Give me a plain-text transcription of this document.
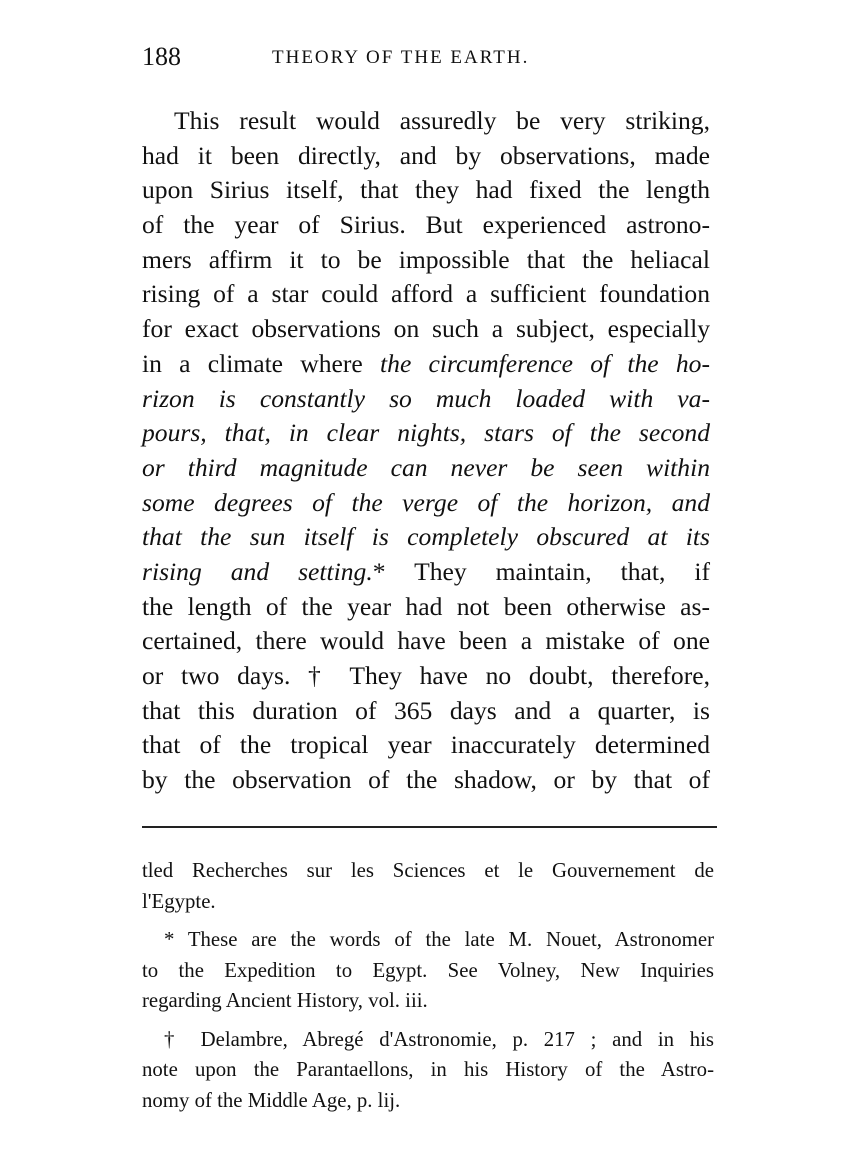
188	THEORY OF THE EARTH.
This result would assuredly be very striking,
had it been directly, and by observations, made
upon Sirius itself, that they had fixed the length
of the year of Sirius. But experienced astrono-
mers affirm it to be impossible that the heliacal
rising of a star could afford a sufficient foundation
for exact observations on such a subject, especially
in a climate where the circumference of the ho-
rizon is constantly so much loaded with va-
pours, that, in clear nights, stars of the second
or third magnitude can never be seen within
some degrees of the verge of the horizon, and
that the sun itself is completely obscured at its
rising and setting.* They maintain, that, if
the length of the year had not been otherwise as-
certained, there would have been a mistake of one
or two days. † They have no doubt, therefore,
that this duration of 365 days and a quarter, is
that of the tropical year inaccurately determined
by the observation of the shadow, or by that of
tled Recherches sur les Sciences et le Gouvernement de
l'Egypte.
* These are the words of the late M. Nouet, Astronomer
to the Expedition to Egypt. See Volney, New Inquiries
regarding Ancient History, vol. iii.
† Delambre, Abregé d'Astronomie, p. 217 ; and in his
note upon the Parantaellons, in his History of the Astro-
nomy of the Middle Age, p. lij.
